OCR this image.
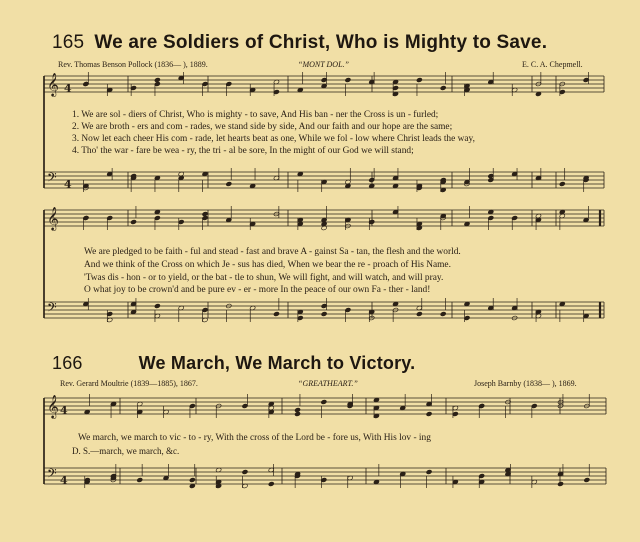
165 We are Soldiers of Christ, Who is Mighty to Save.
Rev. Thomas Benson Pollock (1836— ), 1889.	“MONT DOL.”	E. C. A. Chepmell.
1. We are sol - diers of Christ, Who is mighty - to save, And His ban - ner the Cross is un - furled;
2. We are broth - ers and com - rades, we stand side by side, And our faith and our hope are the same;
3. Now let each cheer His com - rade, let hearts beat as one, While we fol - low where Christ leads the way,
4. Tho' the war - fare be wea - ry, the tri - al be sore, In the might of our God we will stand;
We are pledged to be faith - ful and stead - fast and brave A - gainst Sa - tan, the flesh and the world.
And we think of the Cross on which Je - sus has died, When we bear the re - proach of His Name.
'Twas dis - hon - or to yield, or the bat - tle to shun, We will fight, and will watch, and will pray.
O what joy to be crown'd and be pure ev - er - more In the peace of our own Fa - ther - land!
166	We March, We March to Victory.
Rev. Gerard Moultrie (1839—1885), 1867.	“GREATHEART.”	Joseph Barnby (1838— ), 1869.
We march, we march to vic - to - ry, With the cross of the Lord be - fore us, With His lov - ing
D. S.—march, we march, &c.
𝄞
𝄢
𝄞
𝄢
𝄞
𝄢
4
4
4
4
